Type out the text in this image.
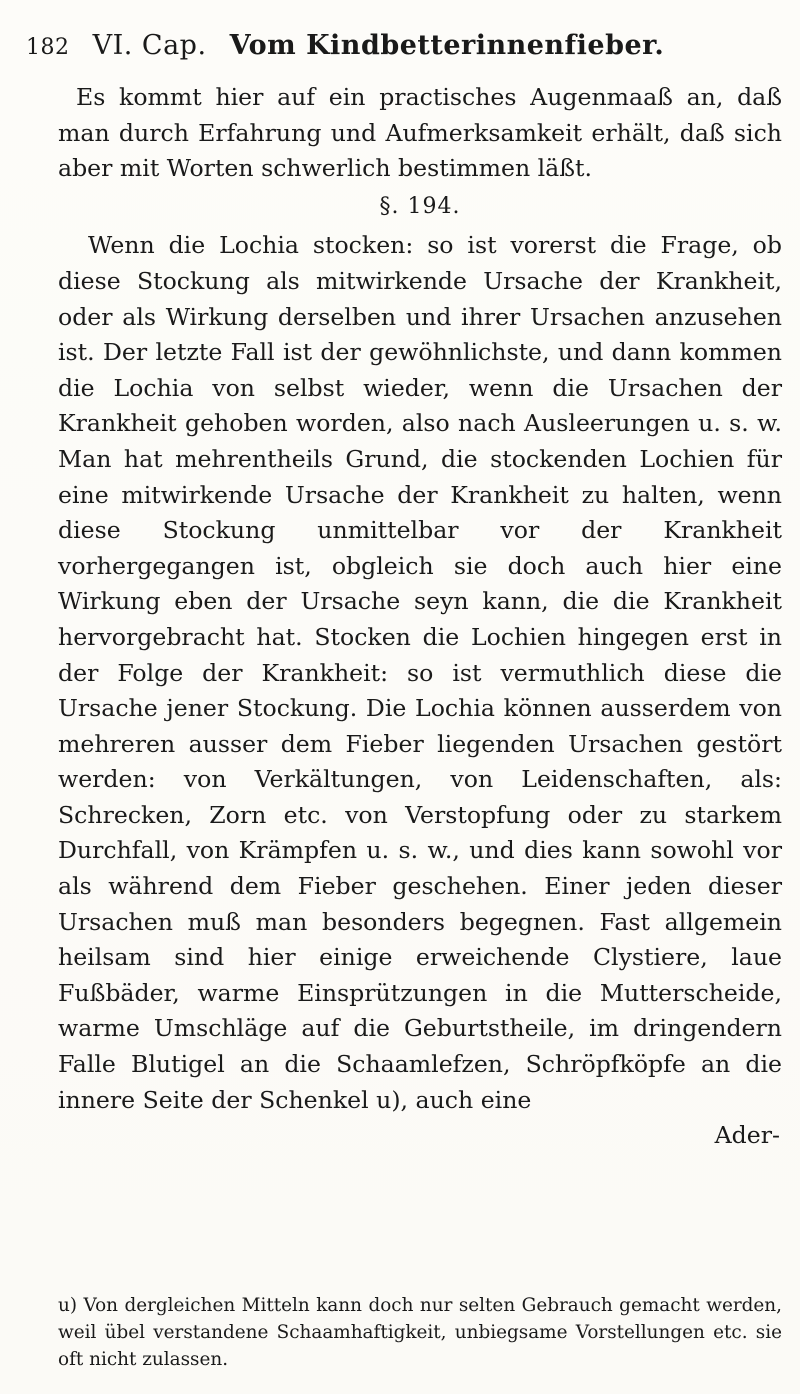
182 VI. Cap. Vom Kindbetterinnenfieber.

Es kommt hier auf ein practisches Augenmaaß an, daß man durch Erfahrung und Aufmerksamkeit erhält, daß sich aber mit Worten schwerlich bestimmen läßt.

§. 194.

Wenn die Lochia stocken: so ist vorerst die Frage, ob diese Stockung als mitwirkende Ursache der Krankheit, oder als Wirkung derselben und ihrer Ursachen anzusehen ist. Der letzte Fall ist der gewöhnlichste, und dann kommen die Lochia von selbst wieder, wenn die Ursachen der Krankheit gehoben worden, also nach Ausleerungen u. s. w. Man hat mehrentheils Grund, die stockenden Lochien für eine mitwirkende Ursache der Krankheit zu halten, wenn diese Stockung unmittelbar vor der Krankheit vorhergegangen ist, obgleich sie doch auch hier eine Wirkung eben der Ursache seyn kann, die die Krankheit hervorgebracht hat. Stocken die Lochien hingegen erst in der Folge der Krankheit: so ist vermuthlich diese die Ursache jener Stockung. Die Lochia können ausserdem von mehreren ausser dem Fieber liegenden Ursachen gestört werden: von Verkältungen, von Leidenschaften, als: Schrecken, Zorn etc. von Verstopfung oder zu starkem Durchfall, von Krämpfen u. s. w., und dies kann sowohl vor als während dem Fieber geschehen. Einer jeden dieser Ursachen muß man besonders begegnen. Fast allgemein heilsam sind hier einige erweichende Clystiere, laue Fußbäder, warme Einsprützungen in die Mutterscheide, warme Umschläge auf die Geburtstheile, im dringendern Falle Blutigel an die Schaamlefzen, Schröpfköpfe an die innere Seite der Schenkel u), auch eine

Ader-

u) Von dergleichen Mitteln kann doch nur selten Gebrauch gemacht werden, weil übel verstandene Schaamhaftigkeit, unbiegsame Vorstellungen etc. sie oft nicht zulassen.
